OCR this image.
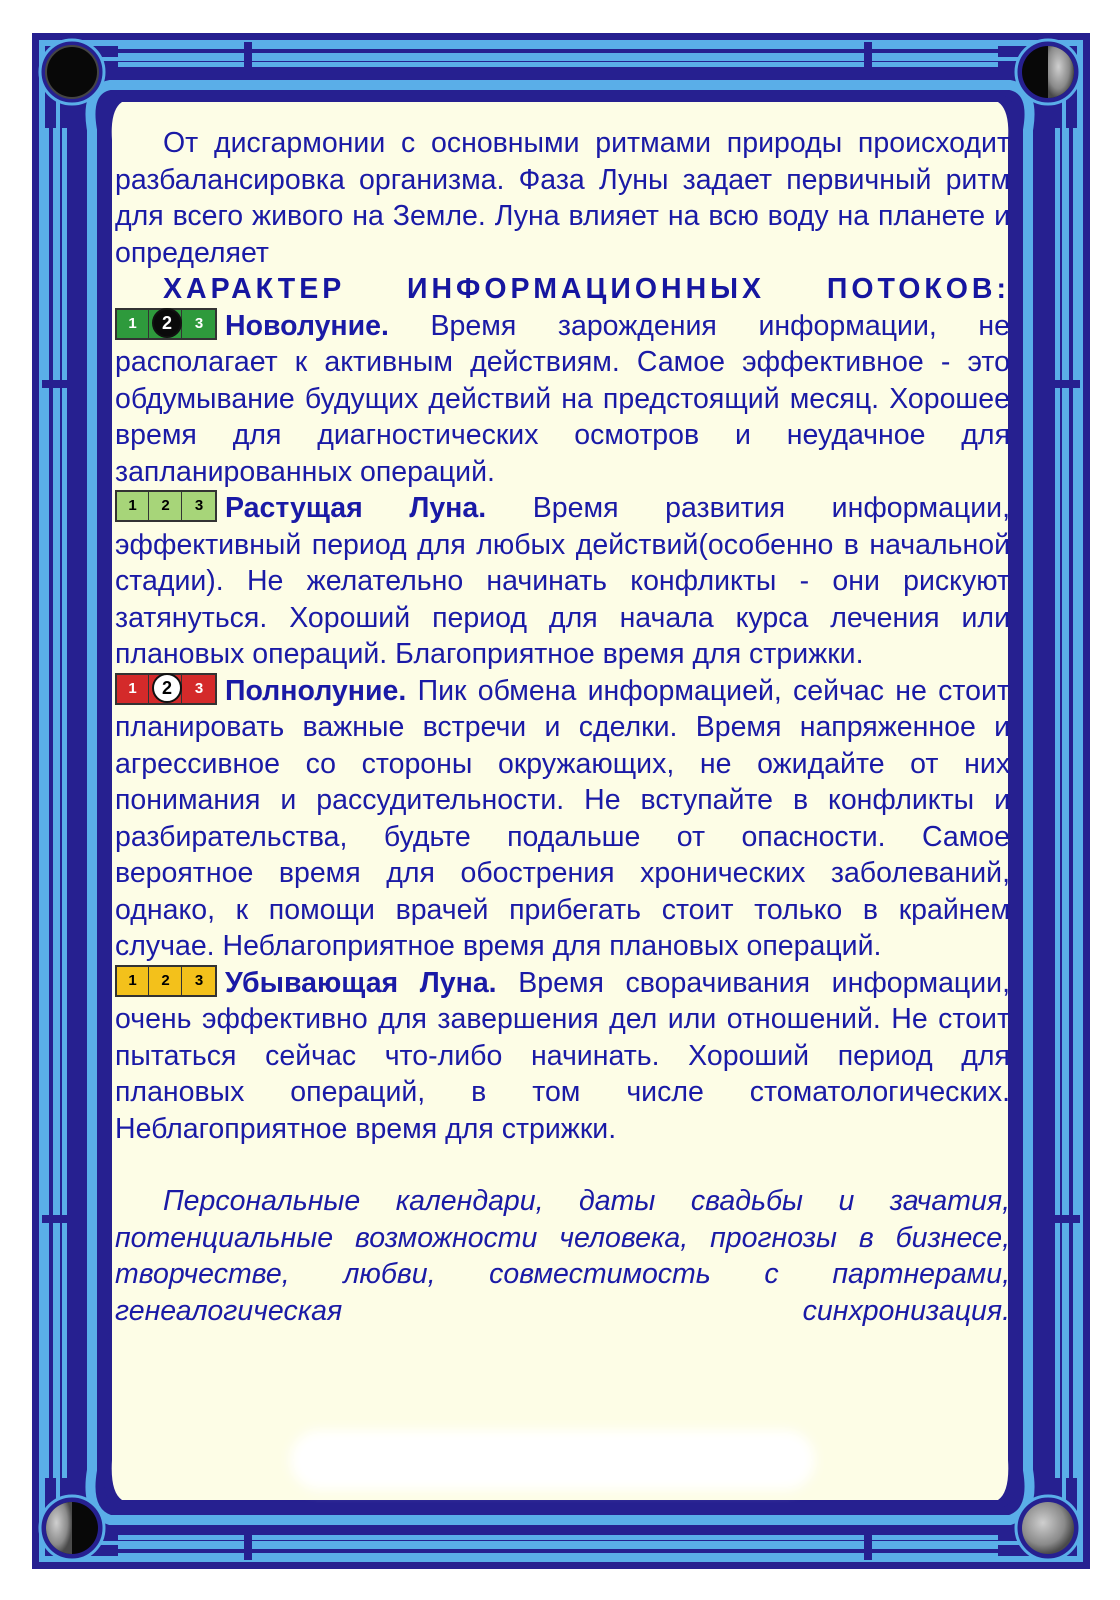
От дисгармонии с основными ритмами природы происходит разбалансировка организма. Фаза Луны задает первичный ритм для всего живого на Земле. Луна влияет на всю воду на планете и определяет
ХАРАКТЕР ИНФОРМАЦИОННЫХ ПОТОКОВ:

1	2	3 Новолуние. Время зарождения информации, не располагает к активным действиям. Самое эффективное - это обдумывание будущих действий на предстоящий месяц. Хорошее время для диагностических осмотров и неудачное для запланированных операций.

1	2	3 Растущая Луна. Время развития информации, эффективный период для любых действий(особенно в начальной стадии). Не желательно начинать конфликты - они рискуют затянуться. Хороший период для начала курса лечения или плановых операций. Благоприятное время для стрижки.

1	2	3 Полнолуние. Пик обмена информацией, сейчас не стоит планировать важные встречи и сделки. Время напряженное и агрессивное со стороны окружающих, не ожидайте от них понимания и рассудительности. Не вступайте в конфликты и разбирательства, будьте подальше от опасности. Самое вероятное время для обострения хронических заболеваний, однако, к помощи врачей прибегать стоит только в крайнем случае. Неблагоприятное время для плановых операций.

1	2	3 Убывающая Луна. Время сворачивания информации, очень эффективно для завершения дел или отношений. Не стоит пытаться сейчас что-либо начинать. Хороший период для плановых операций, в том числе стоматологических. Неблагоприятное время для стрижки.

Персональные календари, даты свадьбы и зачатия, потенциальные возможности человека, прогнозы в бизнесе, творчестве, любви, совместимость с партнерами, генеалогическая синхронизация.
